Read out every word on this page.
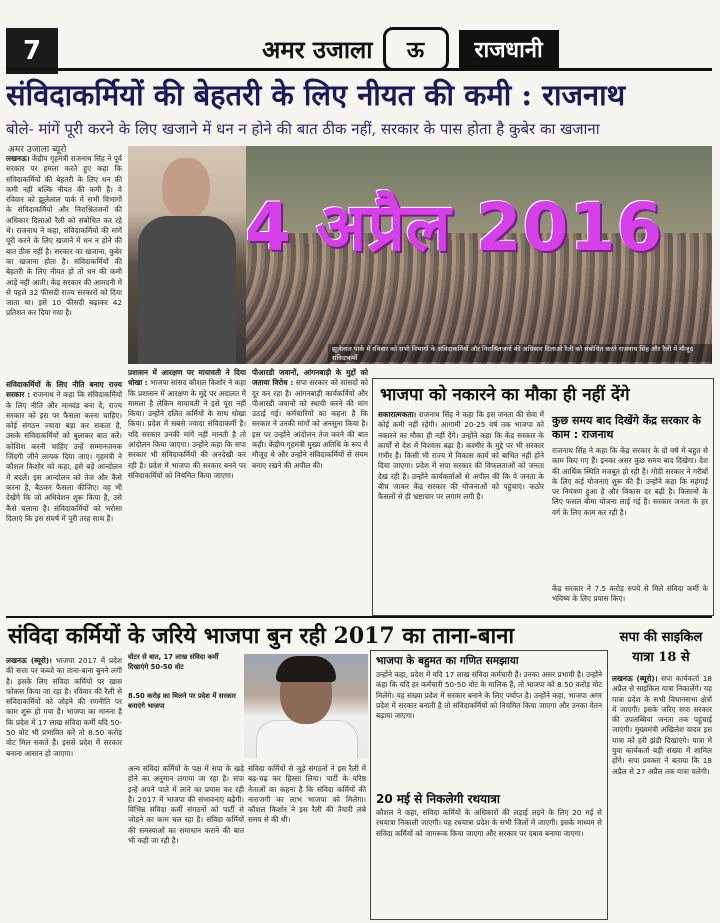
7	अमर उजाला	ऊ	राजधानी
संविदाकर्मियों की बेहतरी के लिए नीयत की कमी : राजनाथ
बोले- मांगें पूरी करने के लिए खजाने में धन न होने की बात ठीक नहीं, सरकार के पास होता है कुबेर का खजाना
अमर उजाला ब्यूरो
लखनऊ। केंद्रीय गृहमंत्री राजनाथ सिंह ने पूर्व सरकार पर हमला करते हुए कहा कि संविदाकर्मियों की बेहतरी के लिए धन की कमी नहीं बल्कि नीयत की कमी है। वे रविवार को झूलेलाल पार्क में सभी विभागों के संविदाकर्मियों और निराश्रितजनों की अधिकार दिलाओ रैली को संबोधित कर रहे थे। राजनाथ ने कहा, संविदाकर्मियों की मांगें पूरी करने के लिए खजाने में धन न होने की बात ठीक नहीं है। सरकार का खजाना, कुबेर का खजाना होता है। संविदाकर्मियों की बेहतरी के लिए नीयत हो तो धन की कमी आड़े नहीं आती। केंद्र सरकार की आमदनी में से पहले 32 फीसदी राज्य सरकारों को दिया जाता था। इसे 10 फीसदी बढ़ाकर 42 प्रतिशत कर दिया गया है।
झूलेलाल पार्क में रविवार को सभी विभागों के संविदाकर्मियों और निराश्रितजनों की अधिकार दिलाओ रैली को संबोधित करते राजनाथ सिंह और रैली में मौजूद संविदाकर्मी
4 अप्रैल 2016
संविदाकर्मियों के लिए नीति बनाए राज्य सरकार : राजनाथ ने कहा कि संविदाकर्मियों के लिए नीति और मानदंड बना दें, राज्य सरकार को इस पर फैसला करना चाहिए। कोई संगठन ज्यादा बड़ा कर सकता है, उसके संविदाकर्मियों को बुलाकर बात करें। कोशिश करनी चाहिए उन्हें सम्मानजनक जिंदगी जीने लायक दिया जाए। गृहमंत्री ने कौशल किशोर को कहा, इसे बड़े आन्दोलन में बदलें। इस आन्दोलन को तेज और कैसे करना है, बैठकर फैसला कीजिए। वह भी देखेंगे कि जो अधिवेशन शुरू किया है, उसे कैसे चलाना है। संविदाकर्मियों को भरोसा दिलाएं कि इस संघर्ष में पूरी तरह साथ हैं।
प्रशासन में आरक्षण पर मायावती ने दिया धोखा : भाजपा सांसद कौशल किशोर ने कहा कि प्रशासन में आरक्षण के मुद्दे पर अदालत में मामला है लेकिन मायावती ने इसे पूरा नहीं किया। उन्होंने दलित कर्मियों के साथ धोखा किया। प्रदेश में सबसे ज्यादा संविदाकर्मी हैं। यदि सरकार उनकी मांगें नहीं मानती है तो आंदोलन किया जाएगा। उन्होंने कहा कि सपा सरकार भी संविदाकर्मियों की अनदेखी कर रही है। प्रदेश में भाजपा की सरकार बनने पर संविदाकर्मियों को नियमित किया जाएगा।
पीआरडी जवानों, आंगनबाड़ी के मुद्दों को जताया विरोध : सपा सरकार को सांसदों को दूर कर रहा है। आंगनबाड़ी कार्यकर्त्रियों और पीआरडी जवानों को स्थायी करने की मांग उठाई गई। कर्मचारियों का कहना है कि सरकार ने उनकी मांगों को अनसुना किया है। इस पर उन्होंने आंदोलन तेज करने की बात कही। केंद्रीय गृहमंत्री मुख्य अतिथि के रूप में मौजूद थे और उन्होंने संविदाकर्मियों से संयम बनाए रखने की अपील की।
भाजपा को नकारने का मौका ही नहीं देंगे
सकारात्मकता। राजनाथ सिंह ने कहा कि इस जनता की सेवा में कोई कमी नहीं रहेगी। आगामी 20-25 वर्ष तक भाजपा को नकारने का मौका ही नहीं देंगे। उन्होंने कहा कि केंद्र सरकार के कार्यों से देश में विश्वास बढ़ा है। कश्मीर के मुद्दे पर भी सरकार गंभीर है। किसी भी राज्य में विकास कार्य को बाधित नहीं होने दिया जाएगा। प्रदेश में सपा सरकार की विफलताओं को जनता देख रही है। उन्होंने कार्यकर्ताओं से अपील की कि वे जनता के बीच जाकर केंद्र सरकार की योजनाओं को पहुंचाएं। कठोर फैसलों से ही भ्रष्टाचार पर लगाम लगी है।
कुछ समय बाद दिखेंगे केंद्र सरकार के काम : राजनाथ
राजनाथ सिंह ने कहा कि केंद्र सरकार के दो वर्ष में बहुत से काम किए गए हैं। इनका असर कुछ समय बाद दिखेगा। देश की आर्थिक स्थिति मजबूत हो रही है। मोदी सरकार ने गरीबों के लिए कई योजनाएं शुरू की हैं। उन्होंने कहा कि महंगाई पर नियंत्रण हुआ है और विकास दर बढ़ी है। किसानों के लिए फसल बीमा योजना लाई गई है। सरकार जनता के हर वर्ग के लिए काम कर रही है।
केंद्र सरकार ने 7.5 करोड़ रुपये से मिले संविदा कर्मी के भविष्य के लिए प्रयास किए।
संविदा कर्मियों के जरिये भाजपा बुन रही 2017 का ताना-बाना	सपा की साइकिल
यात्रा 18 से
लखनऊ (ब्यूरो)। भाजपा 2017 में प्रदेश की सत्ता पर कब्जे का ताना-बाना बुनने लगी है। इसके लिए संविदा कर्मियों पर खास फोकस किया जा रहा है। रविवार की रैली से संविदाकर्मियों को जोड़ने की रणनीति पर काम शुरू हो गया है। भाजपा का मानना है कि प्रदेश में 17 लाख संविदा कर्मी यदि 50-50 वोट भी प्रभावित करें तो 8.50 करोड़ वोट मिल सकते हैं। इससे प्रदेश में सरकार बनाना आसान हो जाएगा।
वोटर से बात, 17 लाख संविदा कर्मी दिखाएंगे 50-50 वोट
8.50 करोड़ का मिलने पर प्रदेश में सरकार बनाएंगे भाजपा
अन्य संविदा कर्मियों के पक्ष में सपा के खड़े होने का अनुमान लगाया जा रहा है। सपा इन्हें अपने पाले में लाने का प्रयास कर रही है। 2017 में भाजपा की संभावनाएं बढ़ेंगी। विभिन्न संविदा कर्मी संगठनों को पार्टी से जोड़ने का काम चल रहा है। संविदा कर्मियों की समस्याओं का समाधान कराने की बात भी कही जा रही है।
संविदा कर्मियों से जुड़े संगठनों ने इस रैली में बढ़-चढ़ कर हिस्सा लिया। पार्टी के वरिष्ठ नेताओं का कहना है कि संविदा कर्मियों की नाराजगी का लाभ भाजपा को मिलेगा। कौशल किशोर ने इस रैली की तैयारी लंबे समय से की थी।
भाजपा के बहुमत का गणित समझाया
उन्होंने कहा, प्रदेश में यदि 17 लाख संविदा कर्मचारी हैं। उनका असर प्रभावी है। उन्होंने कहा कि यदि हर कर्मचारी 50-50 वोट के मालिक हैं, तो भाजपा को 8.50 करोड़ वोट मिलेंगे। यह संख्या प्रदेश में सरकार बनाने के लिए पर्याप्त है। उन्होंने कहा, भाजपा अगर प्रदेश में सरकार बनाती है तो संविदाकर्मियों को नियमित किया जाएगा और उनका वेतन बढ़ाया जाएगा।
20 मई से निकलेगी रथयात्रा
कौशल ने कहा, संविदा कर्मियों के अधिकारों की लड़ाई लड़ने के लिए 20 मई से रथयात्रा निकाली जाएगी। यह रथयात्रा प्रदेश के सभी जिलों में जाएगी। इसके माध्यम से संविदा कर्मियों को जागरूक किया जाएगा और सरकार पर दबाव बनाया जाएगा।
लखनऊ (ब्यूरो)। सपा कार्यकर्ता 18 अप्रैल से साइकिल यात्रा निकालेंगे। यह यात्रा प्रदेश के सभी विधानसभा क्षेत्रों में जाएगी। इसके जरिए सपा सरकार की उपलब्धियां जनता तक पहुंचाई जाएंगी। मुख्यमंत्री अखिलेश यादव इस यात्रा को हरी झंडी दिखाएंगे। यात्रा में युवा कार्यकर्ता बड़ी संख्या में शामिल होंगे। सपा प्रवक्ता ने बताया कि 18 अप्रैल से 27 अप्रैल तक यात्रा चलेगी।
